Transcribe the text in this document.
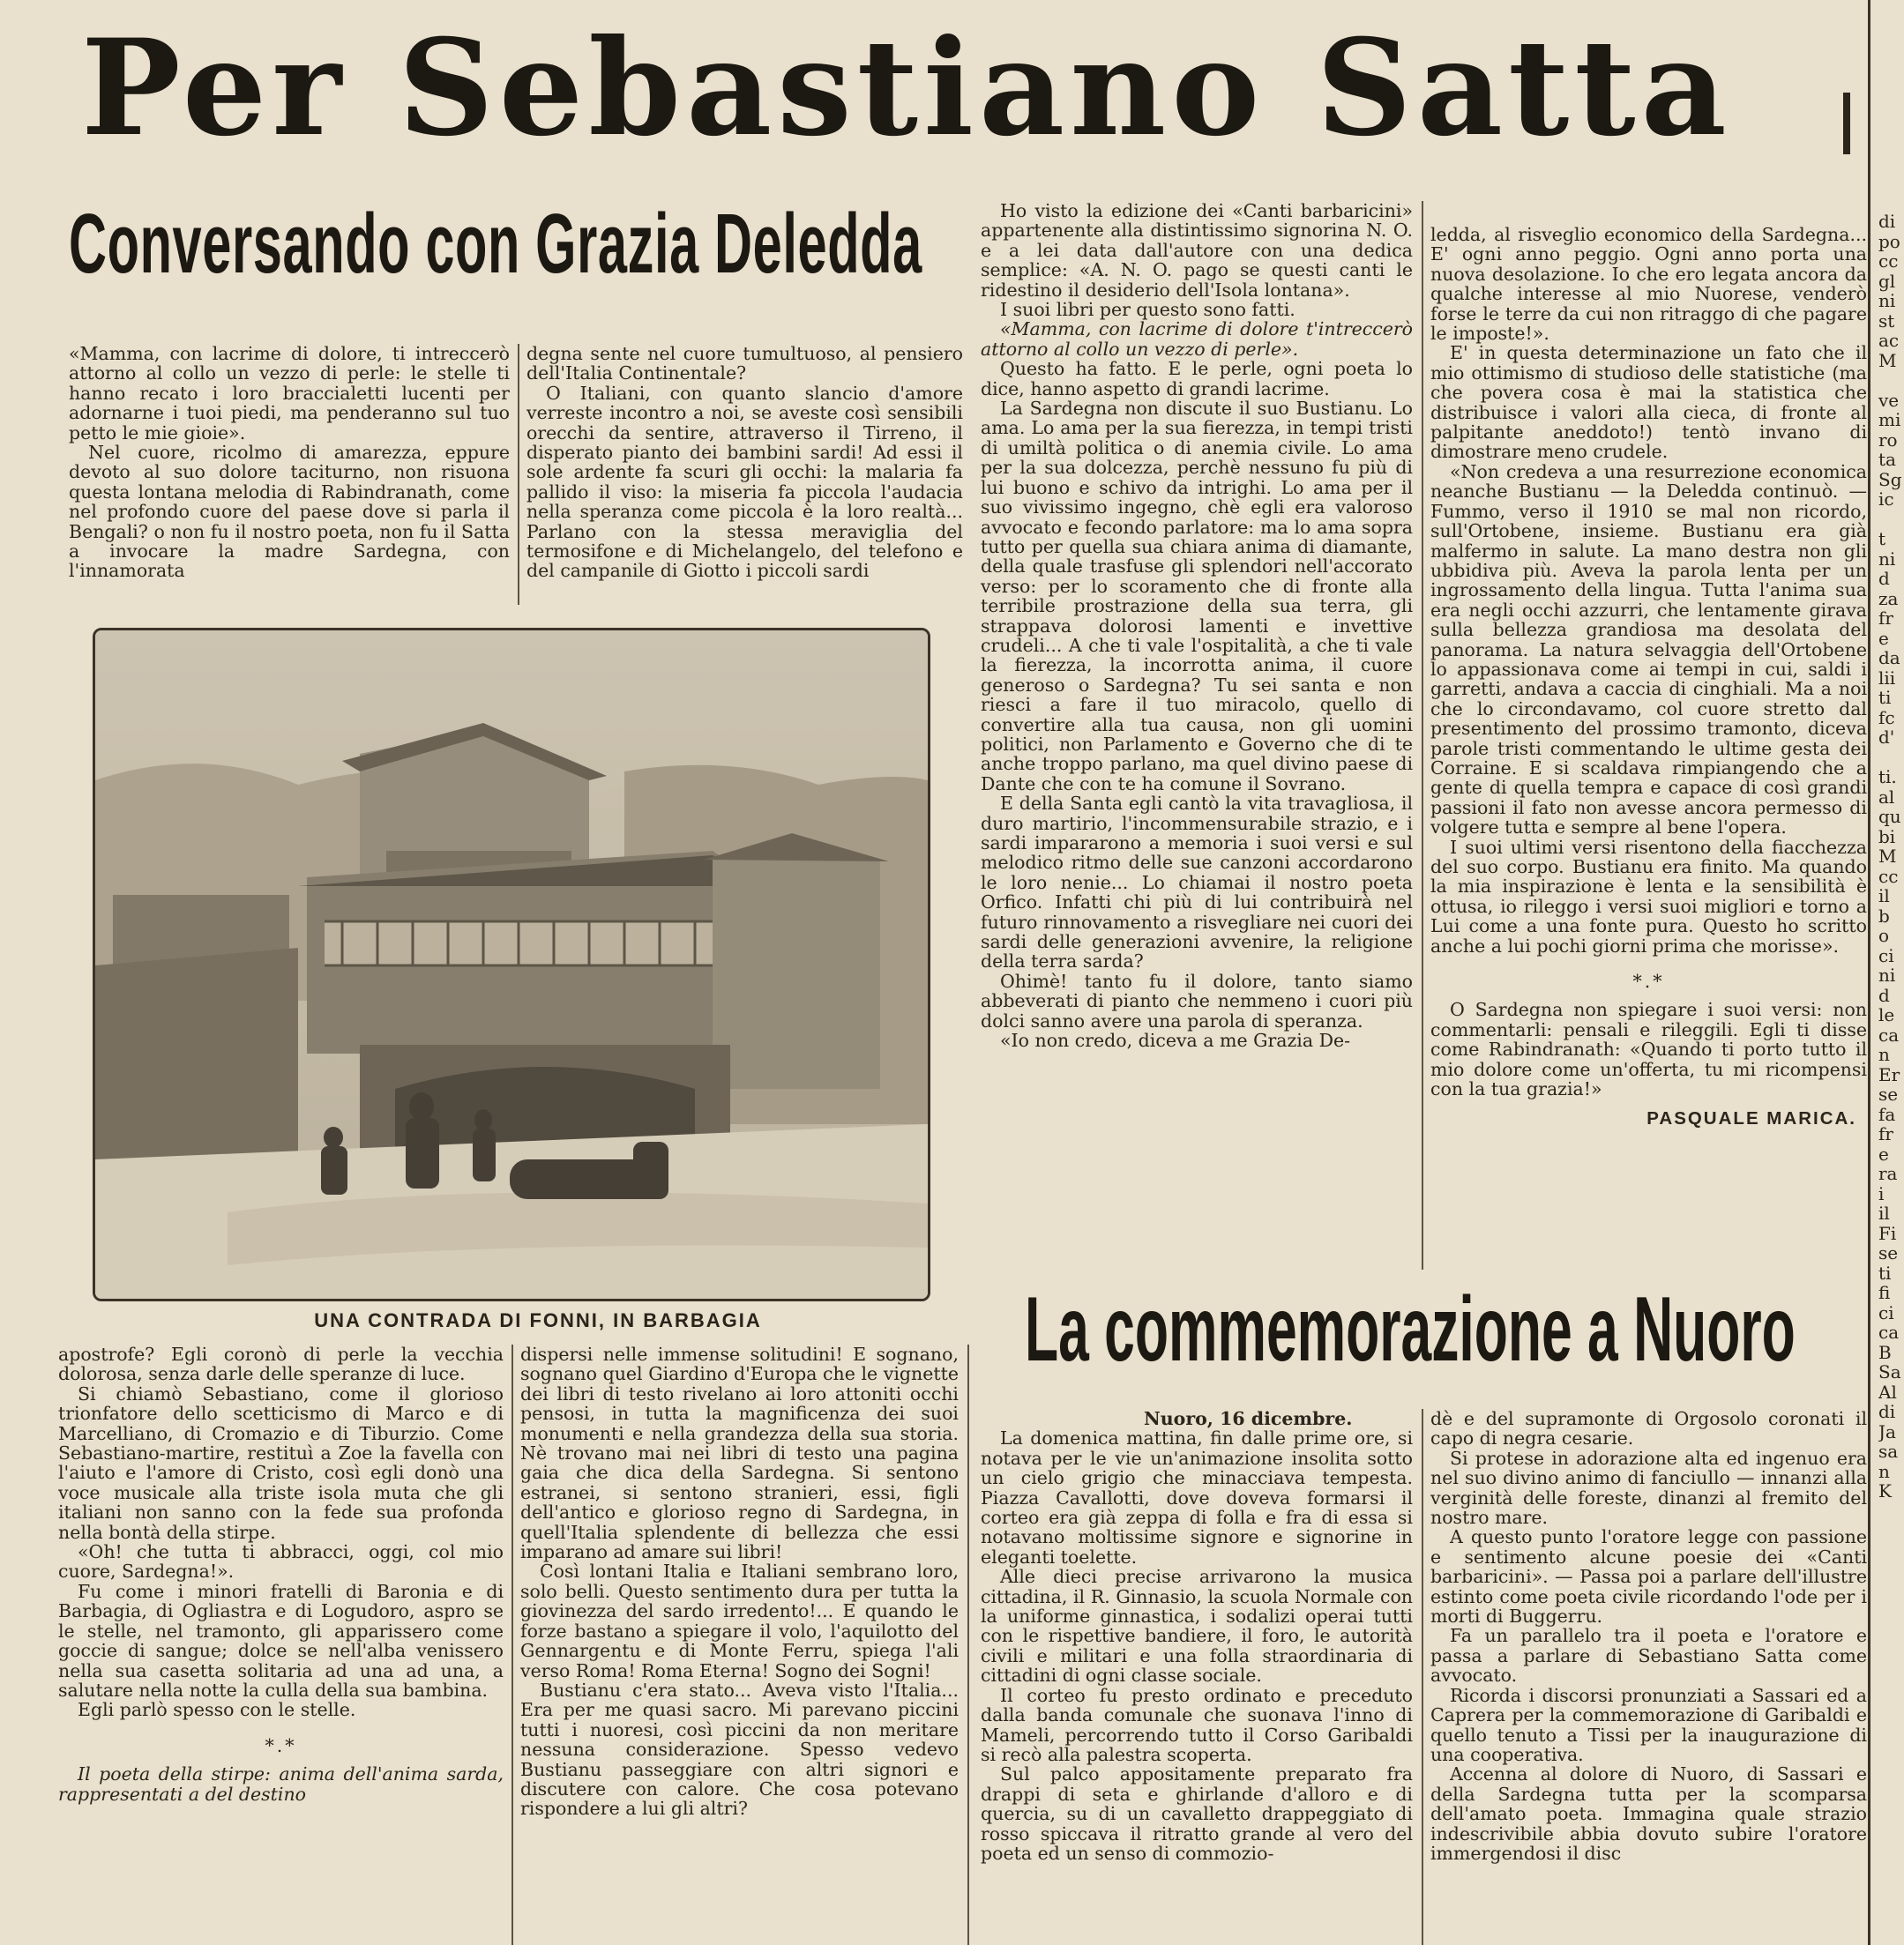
Per Sebastiano Satta
Conversando con Grazia Deledda

«Mamma, con lacrime di dolore, ti intreccerò attorno al collo un vezzo di perle: le stelle ti hanno recato i loro braccialetti lucenti per adornarne i tuoi piedi, ma penderanno sul tuo petto le mie gioie».

Nel cuore, ricolmo di amarezza, eppure devoto al suo dolore taciturno, non risuona questa lontana melodia di Rabindranath, come nel profondo cuore del paese dove si parla il Bengali? o non fu il nostro poeta, non fu il Satta a invocare la madre Sardegna, con l'innamorata

degna sente nel cuore tumultuoso, al pensiero dell'Italia Continentale?

O Italiani, con quanto slancio d'amore verreste incontro a noi, se aveste così sensibili orecchi da sentire, attraverso il Tirreno, il disperato pianto dei bambini sardi! Ad essi il sole ardente fa scuri gli occhi: la malaria fa pallido il viso: la miseria fa piccola l'audacia nella speranza come piccola è la loro realtà... Parlano con la stessa meraviglia del termosifone e di Michelangelo, del telefono e del campanile di Giotto i piccoli sardi

UNA CONTRADA DI FONNI, IN BARBAGIA

apostrofe? Egli coronò di perle la vecchia dolorosa, senza darle delle speranze di luce.

Si chiamò Sebastiano, come il glorioso trionfatore dello scetticismo di Marco e di Marcelliano, di Cromazio e di Tiburzio. Come Sebastiano-martire, restituì a Zoe la favella con l'aiuto e l'amore di Cristo, così egli donò una voce musicale alla triste isola muta che gli italiani non sanno con la fede sua profonda nella bontà della stirpe.

«Oh! che tutta ti abbracci, oggi, col mio cuore, Sardegna!».

Fu come i minori fratelli di Baronia e di Barbagia, di Ogliastra e di Logudoro, aspro se le stelle, nel tramonto, gli apparissero come goccie di sangue; dolce se nell'alba venissero nella sua casetta solitaria ad una ad una, a salutare nella notte la culla della sua bambina.

Egli parlò spesso con le stelle.

*.*

Il poeta della stirpe: anima dell'anima sarda, rappresentati a del destino

dispersi nelle immense solitudini! E sognano, sognano quel Giardino d'Europa che le vignette dei libri di testo rivelano ai loro attoniti occhi pensosi, in tutta la magnificenza dei suoi monumenti e nella grandezza della sua storia. Nè trovano mai nei libri di testo una pagina gaia che dica della Sardegna. Si sentono estranei, si sentono stranieri, essi, figli dell'antico e glorioso regno di Sardegna, in quell'Italia splendente di bellezza che essi imparano ad amare sui libri!

Così lontani Italia e Italiani sembrano loro, solo belli. Questo sentimento dura per tutta la giovinezza del sardo irredento!... E quando le forze bastano a spiegare il volo, l'aquilotto del Gennargentu e di Monte Ferru, spiega l'ali verso Roma! Roma Eterna! Sogno dei Sogni!

Bustianu c'era stato... Aveva visto l'Italia... Era per me quasi sacro. Mi parevano piccini tutti i nuoresi, così piccini da non meritare nessuna considerazione. Spesso vedevo Bustianu passeggiare con altri signori e discutere con calore. Che cosa potevano rispondere a lui gli altri?

Ho visto la edizione dei «Canti barbaricini» appartenente alla distintissimo signorina N. O. e a lei data dall'autore con una dedica semplice: «A. N. O. pago se questi canti le ridestino il desiderio dell'Isola lontana».

I suoi libri per questo sono fatti.

«Mamma, con lacrime di dolore t'intreccerò attorno al collo un vezzo di perle».

Questo ha fatto. E le perle, ogni poeta lo dice, hanno aspetto di grandi lacrime.

La Sardegna non discute il suo Bustianu. Lo ama. Lo ama per la sua fierezza, in tempi tristi di umiltà politica o di anemia civile. Lo ama per la sua dolcezza, perchè nessuno fu più di lui buono e schivo da intrighi. Lo ama per il suo vivissimo ingegno, chè egli era valoroso avvocato e fecondo parlatore: ma lo ama sopra tutto per quella sua chiara anima di diamante, della quale trasfuse gli splendori nell'accorato verso: per lo scoramento che di fronte alla terribile prostrazione della sua terra, gli strappava dolorosi lamenti e invettive crudeli... A che ti vale l'ospitalità, a che ti vale la fierezza, la incorrotta anima, il cuore generoso o Sardegna? Tu sei santa e non riesci a fare il tuo miracolo, quello di convertire alla tua causa, non gli uomini politici, non Parlamento e Governo che di te anche troppo parlano, ma quel divino paese di Dante che con te ha comune il Sovrano.

E della Santa egli cantò la vita travagliosa, il duro martirio, l'incommensurabile strazio, e i sardi impararono a memoria i suoi versi e sul melodico ritmo delle sue canzoni accordarono le loro nenie... Lo chiamai il nostro poeta Orfico. Infatti chi più di lui contribuirà nel futuro rinnovamento a risvegliare nei cuori dei sardi delle generazioni avvenire, la religione della terra sarda?

Ohimè! tanto fu il dolore, tanto siamo abbeverati di pianto che nemmeno i cuori più dolci sanno avere una parola di speranza.

«Io non credo, diceva a me Grazia De-

ledda, al risveglio economico della Sardegna... E' ogni anno peggio. Ogni anno porta una nuova desolazione. Io che ero legata ancora da qualche interesse al mio Nuorese, venderò forse le terre da cui non ritraggo di che pagare le imposte!».

E' in questa determinazione un fato che il mio ottimismo di studioso delle statistiche (ma che povera cosa è mai la statistica che distribuisce i valori alla cieca, di fronte al palpitante aneddoto!) tentò invano di dimostrare meno crudele.

«Non credeva a una resurrezione economica neanche Bustianu — la Deledda continuò. — Fummo, verso il 1910 se mal non ricordo, sull'Ortobene, insieme. Bustianu era già malfermo in salute. La mano destra non gli ubbidiva più. Aveva la parola lenta per un ingrossamento della lingua. Tutta l'anima sua era negli occhi azzurri, che lentamente girava sulla bellezza grandiosa ma desolata del panorama. La natura selvaggia dell'Ortobene lo appassionava come ai tempi in cui, saldi i garretti, andava a caccia di cinghiali. Ma a noi che lo circondavamo, col cuore stretto dal presentimento del prossimo tramonto, diceva parole tristi commentando le ultime gesta dei Corraine. E si scaldava rimpiangendo che a gente di quella tempra e capace di così grandi passioni il fato non avesse ancora permesso di volgere tutta e sempre al bene l'opera.

I suoi ultimi versi risentono della fiacchezza del suo corpo. Bustianu era finito. Ma quando la mia inspirazione è lenta e la sensibilità è ottusa, io rileggo i versi suoi migliori e torno a Lui come a una fonte pura. Questo ho scritto anche a lui pochi giorni prima che morisse».

*.*

O Sardegna non spiegare i suoi versi: non commentarli: pensali e rileggili. Egli ti disse come Rabindranath: «Quando ti porto tutto il mio dolore come un'offerta, tu mi ricompensi con la tua grazia!»

PASQUALE MARICA.

La commemorazione a Nuoro

Nuoro, 16 dicembre.

La domenica mattina, fin dalle prime ore, si notava per le vie un'animazione insolita sotto un cielo grigio che minacciava tempesta. Piazza Cavallotti, dove doveva formarsi il corteo era già zeppa di folla e fra di essa si notavano moltissime signore e signorine in eleganti toelette.

Alle dieci precise arrivarono la musica cittadina, il R. Ginnasio, la scuola Normale con la uniforme ginnastica, i sodalizi operai tutti con le rispettive bandiere, il foro, le autorità civili e militari e una folla straordinaria di cittadini di ogni classe sociale.

Il corteo fu presto ordinato e preceduto dalla banda comunale che suonava l'inno di Mameli, percorrendo tutto il Corso Garibaldi si recò alla palestra scoperta.

Sul palco appositamente preparato fra drappi di seta e ghirlande d'alloro e di quercia, su di un cavalletto drappeggiato di rosso spiccava il ritratto grande al vero del poeta ed un senso di commozio-

dè e del supramonte di Orgosolo coronati il capo di negra cesarie.

Si protese in adorazione alta ed ingenuo era nel suo divino animo di fanciullo — innanzi alla verginità delle foreste, dinanzi al fremito del nostro mare.

A questo punto l'oratore legge con passione e sentimento alcune poesie dei «Canti barbaricini». — Passa poi a parlare dell'illustre estinto come poeta civile ricordando l'ode per i morti di Buggerru.

Fa un parallelo tra il poeta e l'oratore e passa a parlare di Sebastiano Satta come avvocato.

Ricorda i discorsi pronunziati a Sassari ed a Caprera per la commemorazione di Garibaldi e quello tenuto a Tissi per la inaugurazione di una cooperativa.

Accenna al dolore di Nuoro, di Sassari e della Sardegna tutta per la scomparsa dell'amato poeta. Immagina quale strazio indescrivibile abbia dovuto subire l'oratore immergendosi il disc

di
po
cc
gl
ni
st
ac
M

ve
mi
ro
ta
Sg
ic

t
ni
d
za
fr
e
da
lii
ti
fc
d'

ti.
al
qu
bi
M
cc
il
b
o
ci
ni
d
le
ca
n
Er
se
fa
fr
e
ra
i
il
Fi
se
ti
fi
ci
ca
B
Sa
Al
di
Ja
sa
n
K
